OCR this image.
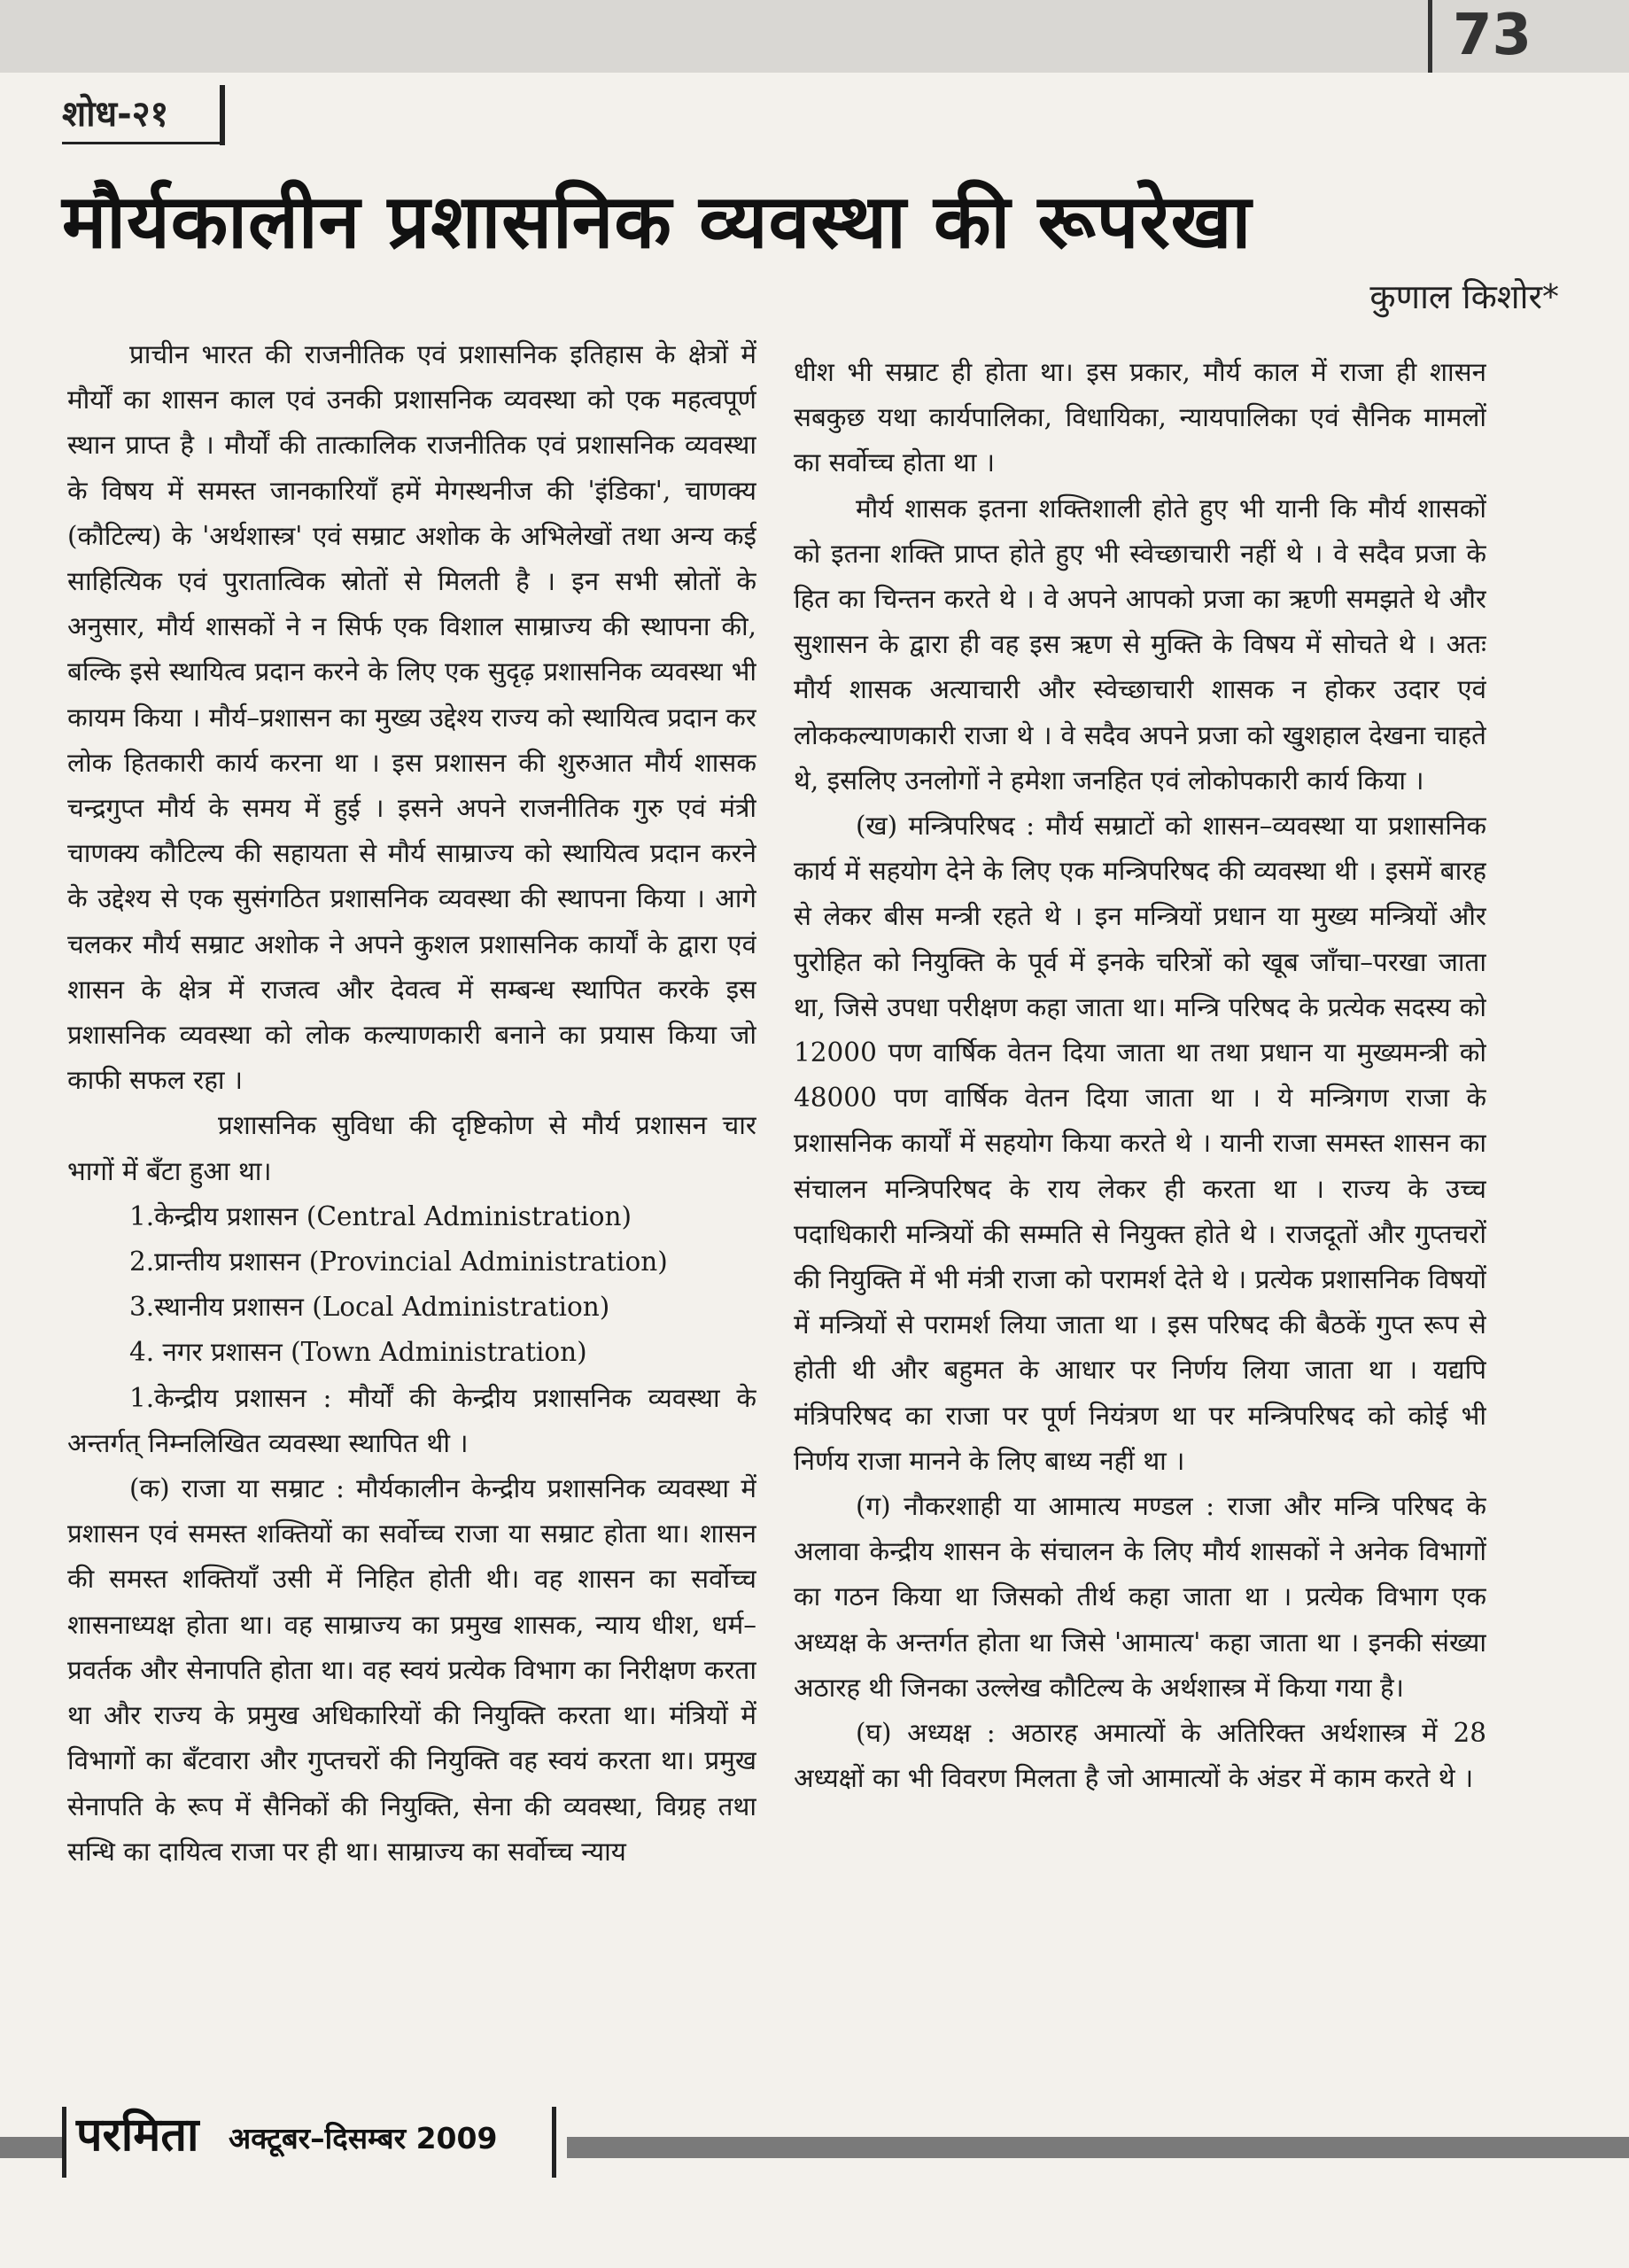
73
शोध-२१
मौर्यकालीन प्रशासनिक व्यवस्था की रूपरेखा
कुणाल किशोर*

प्राचीन भारत की राजनीतिक एवं प्रशासनिक इतिहास के क्षेत्रों में मौर्यों का शासन काल एवं उनकी प्रशासनिक व्यवस्था को एक महत्वपूर्ण स्थान प्राप्त है । मौर्यों की तात्कालिक राजनीतिक एवं प्रशासनिक व्यवस्था के विषय में समस्त जानकारियाँ हमें मेगस्थनीज की 'इंडिका', चाणक्य (कौटिल्य) के 'अर्थशास्त्र' एवं सम्राट अशोक के अभिलेखों तथा अन्य कई साहित्यिक एवं पुरातात्विक स्रोतों से मिलती है । इन सभी स्रोतों के अनुसार, मौर्य शासकों ने न सिर्फ एक विशाल साम्राज्य की स्थापना की, बल्कि इसे स्थायित्व प्रदान करने के लिए एक सुदृढ़ प्रशासनिक व्यवस्था भी कायम किया । मौर्य–प्रशासन का मुख्य उद्देश्य राज्य को स्थायित्व प्रदान कर लोक हितकारी कार्य करना था । इस प्रशासन की शुरुआत मौर्य शासक चन्द्रगुप्त मौर्य के समय में हुई । इसने अपने राजनीतिक गुरु एवं मंत्री चाणक्य कौटिल्य की सहायता से मौर्य साम्राज्य को स्थायित्व प्रदान करने के उद्देश्य से एक सुसंगठित प्रशासनिक व्यवस्था की स्थापना किया । आगे चलकर मौर्य सम्राट अशोक ने अपने कुशल प्रशासनिक कार्यों के द्वारा एवं शासन के क्षेत्र में राजत्व और देवत्व में सम्बन्ध स्थापित करके इस प्रशासनिक व्यवस्था को लोक कल्याणकारी बनाने का प्रयास किया जो काफी सफल रहा ।

प्रशासनिक सुविधा की दृष्टिकोण से मौर्य प्रशासन चार भागों में बँटा हुआ था।

1.केन्द्रीय प्रशासन (Central Administration)
2.प्रान्तीय प्रशासन (Provincial Administration)
3.स्थानीय प्रशासन (Local Administration)
4. नगर प्रशासन (Town Administration)

1.केन्द्रीय प्रशासन : मौर्यों की केन्द्रीय प्रशासनिक व्यवस्था के अन्तर्गत् निम्नलिखित व्यवस्था स्थापित थी ।

(क) राजा या सम्राट : मौर्यकालीन केन्द्रीय प्रशासनिक व्यवस्था में प्रशासन एवं समस्त शक्तियों का सर्वोच्च राजा या सम्राट होता था। शासन की समस्त शक्तियाँ उसी में निहित होती थी। वह शासन का सर्वोच्च शासनाध्यक्ष होता था। वह साम्राज्य का प्रमुख शासक, न्याय धीश, धर्म–प्रवर्तक और सेनापति होता था। वह स्वयं प्रत्येक विभाग का निरीक्षण करता था और राज्य के प्रमुख अधिकारियों की नियुक्ति करता था। मंत्रियों में विभागों का बँटवारा और गुप्तचरों की नियुक्ति वह स्वयं करता था। प्रमुख सेनापति के रूप में सैनिकों की नियुक्ति, सेना की व्यवस्था, विग्रह तथा सन्धि का दायित्व राजा पर ही था। साम्राज्य का सर्वोच्च न्याय

धीश भी सम्राट ही होता था। इस प्रकार, मौर्य काल में राजा ही शासन सबकुछ यथा कार्यपालिका, विधायिका, न्यायपालिका एवं सैनिक मामलों का सर्वोच्च होता था ।

मौर्य शासक इतना शक्तिशाली होते हुए भी यानी कि मौर्य शासकों को इतना शक्ति प्राप्त होते हुए भी स्वेच्छाचारी नहीं थे । वे सदैव प्रजा के हित का चिन्तन करते थे । वे अपने आपको प्रजा का ऋणी समझते थे और सुशासन के द्वारा ही वह इस ऋण से मुक्ति के विषय में सोचते थे । अतः मौर्य शासक अत्याचारी और स्वेच्छाचारी शासक न होकर उदार एवं लोककल्याणकारी राजा थे । वे सदैव अपने प्रजा को खुशहाल देखना चाहते थे, इसलिए उनलोगों ने हमेशा जनहित एवं लोकोपकारी कार्य किया ।

(ख) मन्त्रिपरिषद : मौर्य सम्राटों को शासन–व्यवस्था या प्रशासनिक कार्य में सहयोग देने के लिए एक मन्त्रिपरिषद की व्यवस्था थी । इसमें बारह से लेकर बीस मन्त्री रहते थे । इन मन्त्रियों प्रधान या मुख्य मन्त्रियों और पुरोहित को नियुक्ति के पूर्व में इनके चरित्रों को खूब जाँचा–परखा जाता था, जिसे उपधा परीक्षण कहा जाता था। मन्त्रि परिषद के प्रत्येक सदस्य को 12000 पण वार्षिक वेतन दिया जाता था तथा प्रधान या मुख्यमन्त्री को 48000 पण वार्षिक वेतन दिया जाता था । ये मन्त्रिगण राजा के प्रशासनिक कार्यों में सहयोग किया करते थे । यानी राजा समस्त शासन का संचालन मन्त्रिपरिषद के राय लेकर ही करता था । राज्य के उच्च पदाधिकारी मन्त्रियों की सम्मति से नियुक्त होते थे । राजदूतों और गुप्तचरों की नियुक्ति में भी मंत्री राजा को परामर्श देते थे । प्रत्येक प्रशासनिक विषयों में मन्त्रियों से परामर्श लिया जाता था । इस परिषद की बैठकें गुप्त रूप से होती थी और बहुमत के आधार पर निर्णय लिया जाता था । यद्यपि मंत्रिपरिषद का राजा पर पूर्ण नियंत्रण था पर मन्त्रिपरिषद को कोई भी निर्णय राजा मानने के लिए बाध्य नहीं था ।

(ग) नौकरशाही या आमात्य मण्डल : राजा और मन्त्रि परिषद के अलावा केन्द्रीय शासन के संचालन के लिए मौर्य शासकों ने अनेक विभागों का गठन किया था जिसको तीर्थ कहा जाता था । प्रत्येक विभाग एक अध्यक्ष के अन्तर्गत होता था जिसे 'आमात्य' कहा जाता था । इनकी संख्या अठारह थी जिनका उल्लेख कौटिल्य के अर्थशास्त्र में किया गया है।

(घ) अध्यक्ष : अठारह अमात्यों के अतिरिक्त अर्थशास्त्र में 28 अध्यक्षों का भी विवरण मिलता है जो आमात्यों के अंडर में काम करते थे ।

परमिता अक्टूबर–दिसम्बर 2009
